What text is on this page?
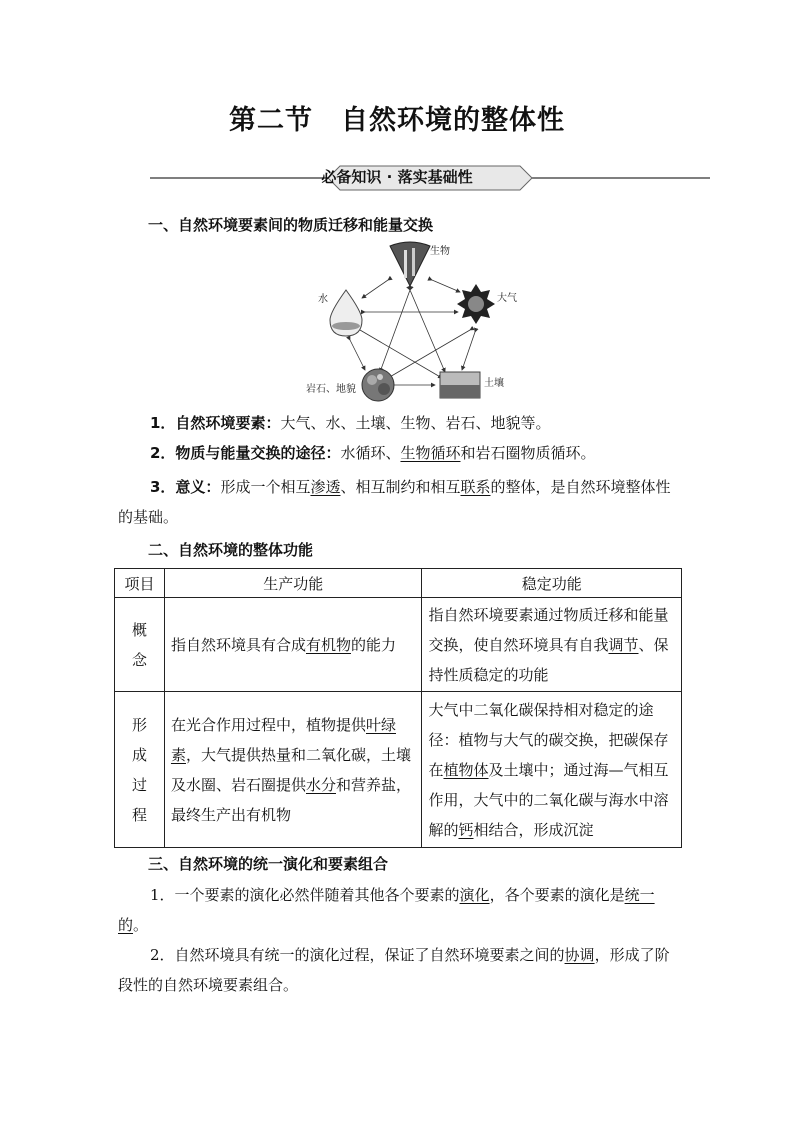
第二节　自然环境的整体性
必备知识 · 落实基础性
一、自然环境要素间的物质迁移和能量交换
生物
大气
水
岩石、地貌
土壤
1．自然环境要素：大气、水、土壤、生物、岩石、地貌等。
2．物质与能量交换的途径：水循环、生物循环和岩石圈物质循环。
3．意义：形成一个相互渗透、相互制约和相互联系的整体，是自然环境整体性的基础。
二、自然环境的整体功能
项目	生产功能	稳定功能

概念	指自然环境具有合成有机物的能力	指自然环境要素通过物质迁移和能量交换，使自然环境具有自我调节、保持性质稳定的功能

形成过程	在光合作用过程中，植物提供叶绿素，大气提供热量和二氧化碳，土壤及水圈、岩石圈提供水分和营养盐，最终生产出有机物	大气中二氧化碳保持相对稳定的途径：植物与大气的碳交换，把碳保存在植物体及土壤中；通过海—气相互作用，大气中的二氧化碳与海水中溶解的钙相结合，形成沉淀
三、自然环境的统一演化和要素组合
1．一个要素的演化必然伴随着其他各个要素的演化，各个要素的演化是统一的。
2．自然环境具有统一的演化过程，保证了自然环境要素之间的协调，形成了阶段性的自然环境要素组合。
